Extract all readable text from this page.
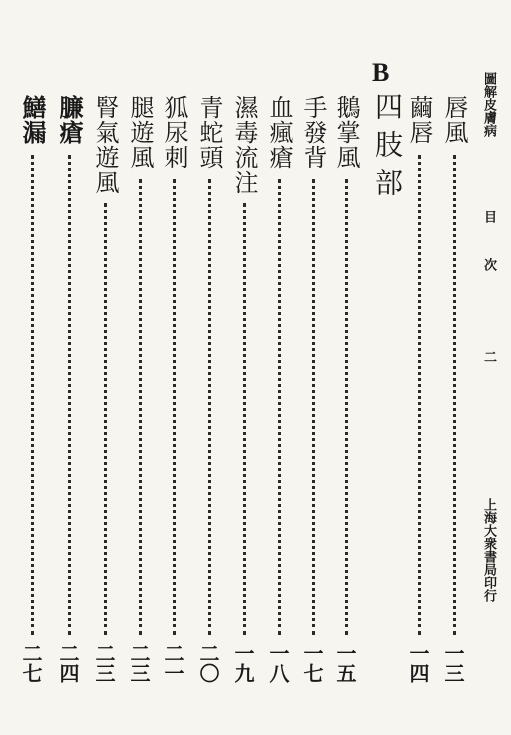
圖解皮膚病
目 次
二
上海大衆書局印行
B
四肢部 唇風
一三
繭唇
一四
鵝掌風
一五
手發背
一七
血瘋瘡
一八
濕毒流注
一九
青蛇頭
二〇
狐尿刺
二一
腿遊風
二三
腎氣遊風
二三
臁瘡
二四
鱔漏
二七
